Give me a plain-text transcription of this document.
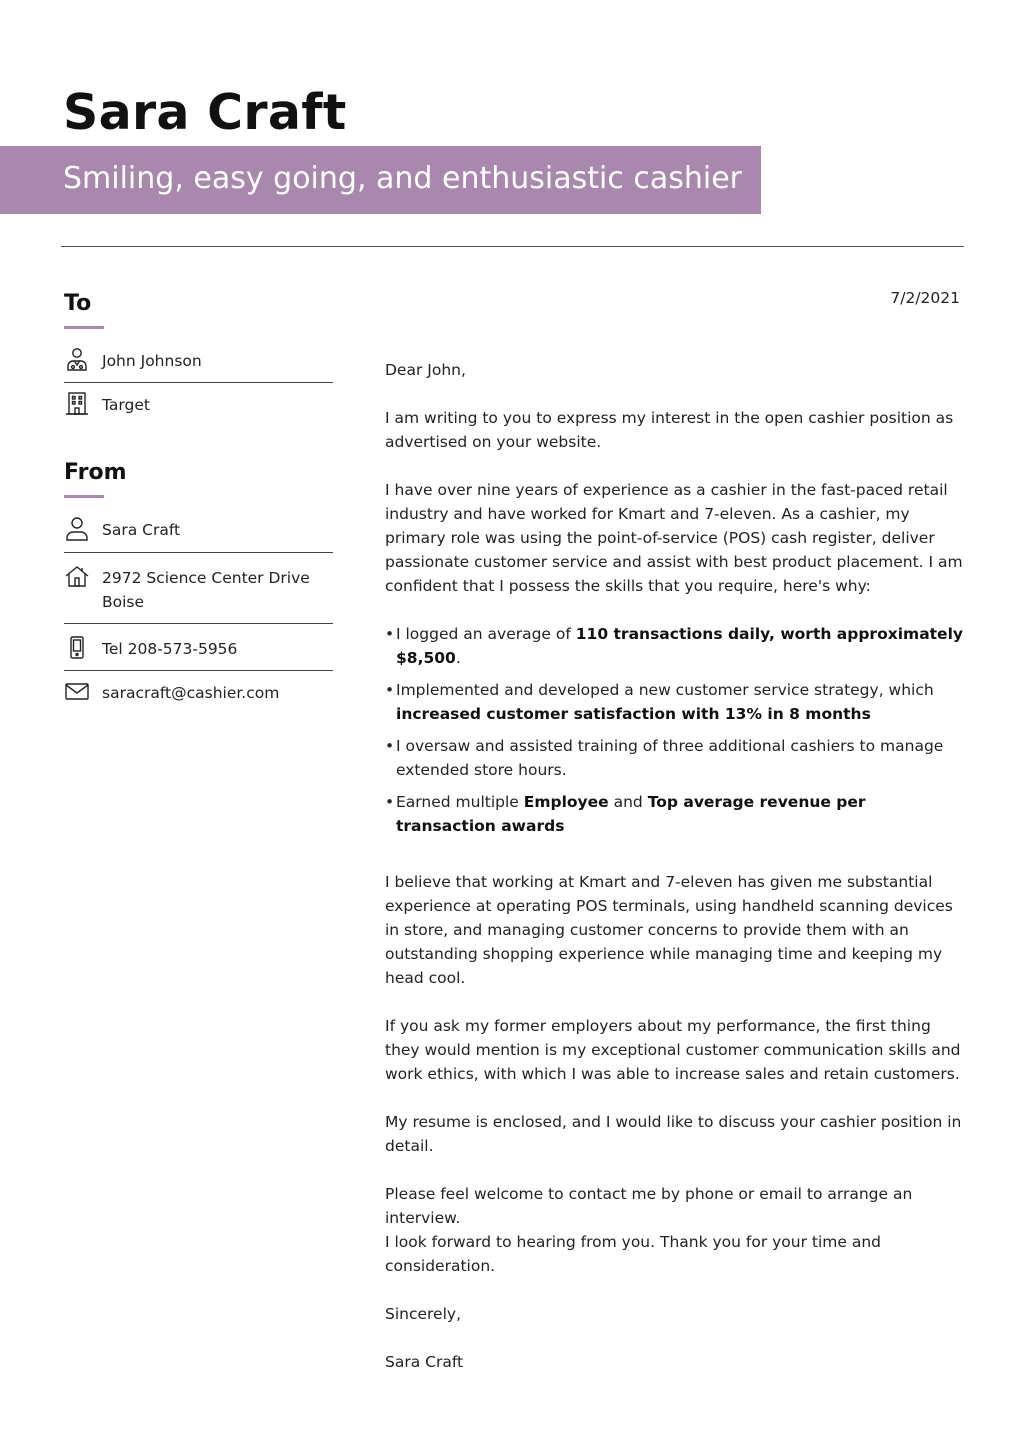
Sara Craft
Smiling, easy going, and enthusiastic cashier
To
John Johnson
Target
From
Sara Craft
2972 Science Center Drive
Boise
Tel 208-573-5956
saracraft@cashier.com
7/2/2021

Dear John,

I am writing to you to express my interest in the open cashier position as advertised on your website.

I have over nine years of experience as a cashier in the fast-paced retail industry and have worked for Kmart and 7-eleven. As a cashier, my primary role was using the point-of-service (POS) cash register, deliver passionate customer service and assist with best product placement. I am confident that I possess the skills that you require, here's why:

• I logged an average of 110 transactions daily, worth approximately $8,500.
• Implemented and developed a new customer service strategy, which increased customer satisfaction with 13% in 8 months
• I oversaw and assisted training of three additional cashiers to manage extended store hours.
• Earned multiple Employee and Top average revenue per transaction awards

I believe that working at Kmart and 7-eleven has given me substantial experience at operating POS terminals, using handheld scanning devices in store, and managing customer concerns to provide them with an outstanding shopping experience while managing time and keeping my head cool.

If you ask my former employers about my performance, the first thing they would mention is my exceptional customer communication skills and work ethics, with which I was able to increase sales and retain customers.

My resume is enclosed, and I would like to discuss your cashier position in detail.

Please feel welcome to contact me by phone or email to arrange an interview.

I look forward to hearing from you. Thank you for your time and consideration.

Sincerely,

Sara Craft
